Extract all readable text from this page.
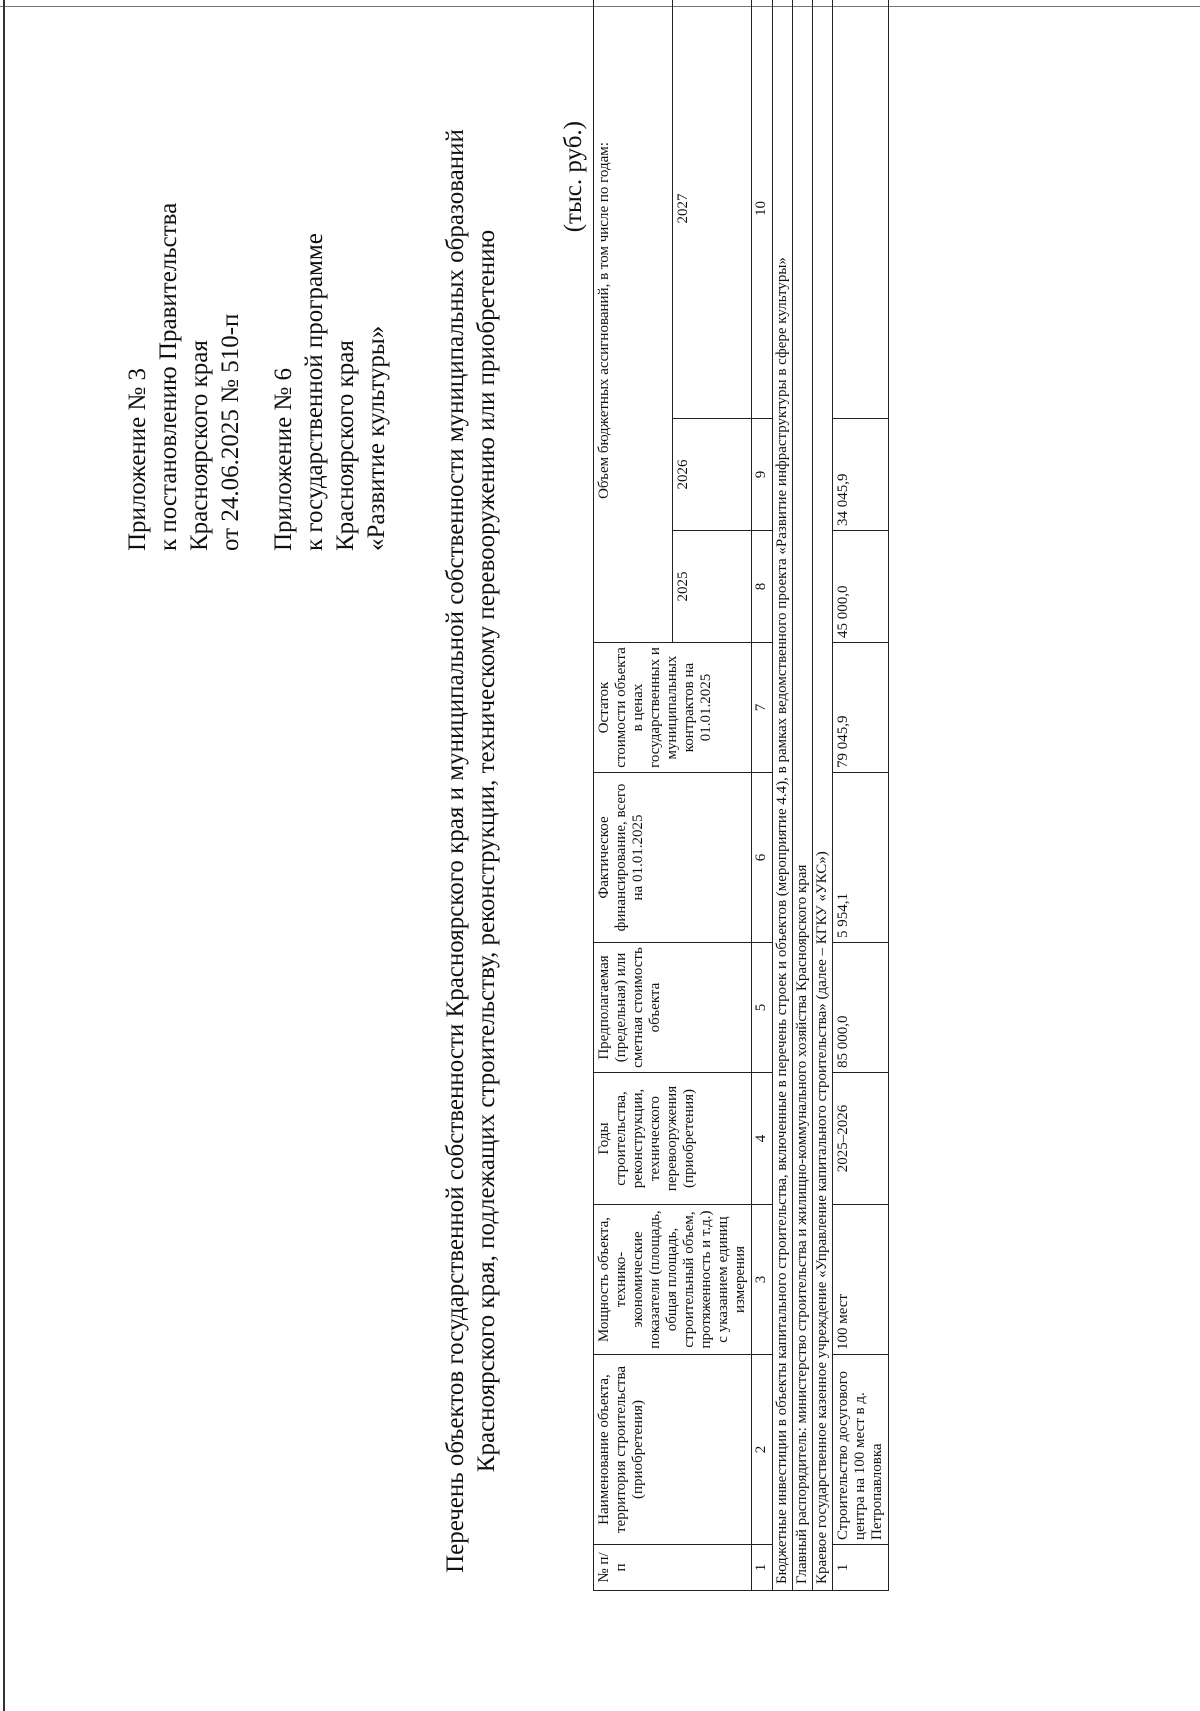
Приложение № 3 к постановлению Правительства Красноярского края от 24.06.2025 № 510-п Приложение № 6 к государственной программе Красноярского края «Развитие культуры» Перечень объектов государственной собственности Красноярского края и муниципальной собственности муниципальных образований Красноярского края, подлежащих строительству, реконструкции, техническому перевооружению или приобретению
(тыс. руб.)
№ п/п	Наименование объекта, территория строительства (приобретения)	Мощность объекта, технико-экономические показатели (площадь, общая площадь, строительный объем, протяженность и т.д.) с указанием единиц измерения	Годы строительства, реконструкции, технического перевооружения (приобретения)	Предполагаемая (предельная) или сметная стоимость объекта	Фактическое финансирование, всего на 01.01.2025	Остаток стоимости объекта в ценах государственных и муниципальных контрактов на 01.01.2025	Объем бюджетных ассигнований, в том числе по годам:		
							2025	2026	2027
1	2	3	4	5	6	7	8	9	10
Бюджетные инвестиции в объекты капитального строительства, включенные в перечень строек и объектов (мероприятие 4.4), в рамках ведомственного проекта «Развитие инфраструктуры в сфере культуры»									
Главный распорядитель: министерство строительства и жилищно-коммунального хозяйства Красноярского края									
Краевое государственное казенное учреждение «Управление капитального строительства» (далее – КГКУ «УКС»)									
1	Строительство досугового центра на 100 мест в д. Петропавловка	100 мест	2025–2026	85 000,0	5 954,1	79 045,9	45 000,0	34 045,9	
